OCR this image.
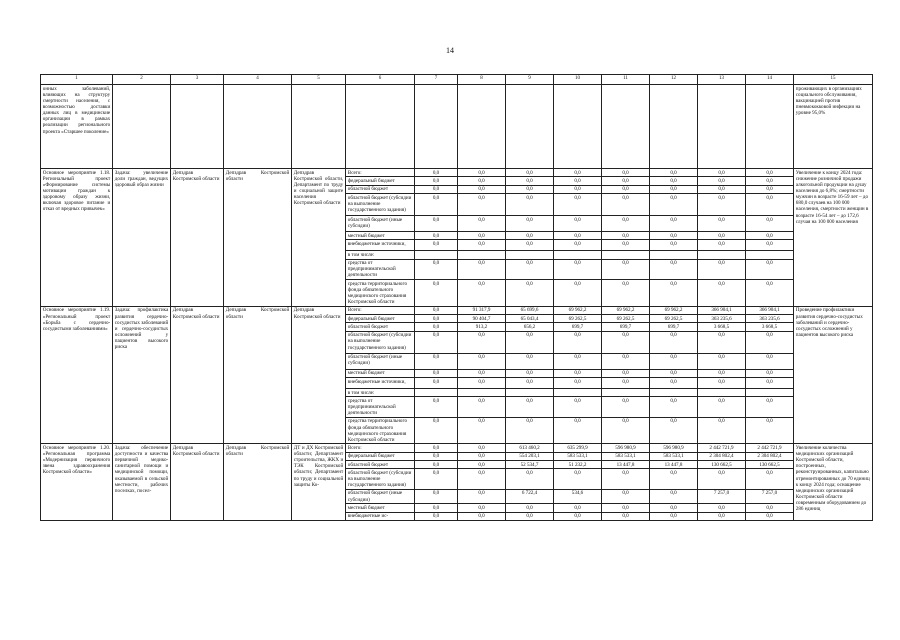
14
1	2	3	4	5	6	7	8	9	10	11	12	13	14	15
онных заболеваний, влияющих на структуру смертности населения, с возможностью доставки данных лиц в медицинские организации в рамках реализации регионального проекта «Старшее поколение»														проживающих в организациях социального обслуживания, вакцинацией против пневмококковой инфекции на уровне 95,0%
Основное мероприятие 1.18. Региональный проект «Формирование системы мотивации граждан к здоровому образу жизни, включая здоровое питание и отказ от вредных привычек»	Задача: увеличение доли граждан, ведущих здоровый образ жизни	Депздрав Костромской области	Депздрав Костромской области	Депздрав Костромской области, Департамент по труду и социальной защите населения Костромской области	Всего:	0,0	0,0	0,0	0,0	0,0	0,0	0,0	0,0	Увеличение к концу 2024 года: снижение розничной продажи алкогольной продукции на душу населения до 6,8%; смертности мужчин в возрасте 16-59 лет – до 680,0 случаев на 100 000 населения, смертности женщин в возрасте 16-54 лет – до 172,6 случая на 100 000 населения
					федеральный бюджет	0,0	0,0	0,0	0,0	0,0	0,0	0,0	0,0	
					областной бюджет	0,0	0,0	0,0	0,0	0,0	0,0	0,0	0,0	
					областной бюджет (субсидии на выполнение государственного задания)	0,0	0,0	0,0	0,0	0,0	0,0	0,0	0,0	
					областной бюджет (иные субсидии)	0,0	0,0	0,0	0,0	0,0	0,0	0,0	0,0	
					местный бюджет	0,0	0,0	0,0	0,0	0,0	0,0	0,0	0,0	
					внебюджетные источники,	0,0	0,0	0,0	0,0	0,0	0,0	0,0	0,0	
					в том числе:									
					средства от предпринимательской деятельности	0,0	0,0	0,0	0,0	0,0	0,0	0,0	0,0	
					средства территориального фонда обязательного медицинского страхования Костромской области	0,0	0,0	0,0	0,0	0,0	0,0	0,0	0,0	
Основное мероприятие 1.19. «Региональный проект «Борьба с сердечно-сосудистыми заболеваниями»	Задача: профилактика развития сердечно-сосудистых заболеваний и сердечно-сосудистых осложнений у пациентов высокого риска	Депздрав Костромской области	Депздрав Костромской области	Депздрав Костромской области	Всего:	0,0	91 317,9	65 699,6	69 962,2	69 962,2	69 962,2	366 904,1	366 904,1	Проведение профилактики развития сердечно-сосудистых заболеваний и сердечно-сосудистых осложнений у пациентов высокого риска
					федеральный бюджет	0,0	90 404,7	65 043,4	69 262,5	69 262,5	69 262,5	363 235,6	363 235,6	
					областной бюджет	0,0	913,2	656,2	699,7	699,7	699,7	3 668,5	3 668,5	
					областной бюджет (субсидии на выполнение государственного задания)	0,0	0,0	0,0	0,0	0,0	0,0	0,0	0,0	
					областной бюджет (иные субсидии)	0,0	0,0	0,0	0,0	0,0	0,0	0,0	0,0	
					местный бюджет	0,0	0,0	0,0	0,0	0,0	0,0	0,0	0,0	
					внебюджетные источники,	0,0	0,0	0,0	0,0	0,0	0,0	0,0	0,0	
					в том числе:									
					средства от предпринимательской деятельности	0,0	0,0	0,0	0,0	0,0	0,0	0,0	0,0	
					средства территориального фонда обязательного медицинского страхования Костромской области	0,0	0,0	0,0	0,0	0,0	0,0	0,0	0,0	
Основное мероприятие 1.20. «Региональная программа «Модернизация первичного звена здравоохранения Костромской области»	Задача: обеспечение доступности и качества первичной медико-санитарной помощи и медицинской помощи, оказываемой в сельской местности, рабочих поселках, посел-	Депздрав Костромской области	Депздрав Костромской области	ДТ и ДХ Костромской области; Департамент строительства, ЖКХ и ТЭК Костромской области; Департамент по труду и социальной защиты Ко-	Всего:	0,0	0,0	613 460,2	635 299,9	596 980,9	596 980,9	2 442 721,9	2 442 721,9	Увеличение количества медицинских организаций Костромской области, построенных, реконструированных, капитально отремонтированных до 70 единиц к концу 2024 года; оснащение медицинских организаций Костромской области современным оборудованием до 286 единиц
					федеральный бюджет	0,0	0,0	554 203,1	583 533,1	583 533,1	583 533,1	2 304 802,4	2 304 802,4	
					областной бюджет	0,0	0,0	52 534,7	51 232,2	13 447,8	13 447,8	130 662,5	130 662,5	
					областной бюджет (субсидии на выполнение государственного задания)	0,0	0,0	0,0	0,0	0,0	0,0	0,0	0,0	
					областной бюджет (иные субсидии)	0,0	0,0	6 722,4	534,6	0,0	0,0	7 257,0	7 257,0	
					местный бюджет	0,0	0,0	0,0	0,0	0,0	0,0	0,0	0,0	
					внебюджетные ис-	0,0	0,0	0,0	0,0	0,0	0,0	0,0	0,0	
